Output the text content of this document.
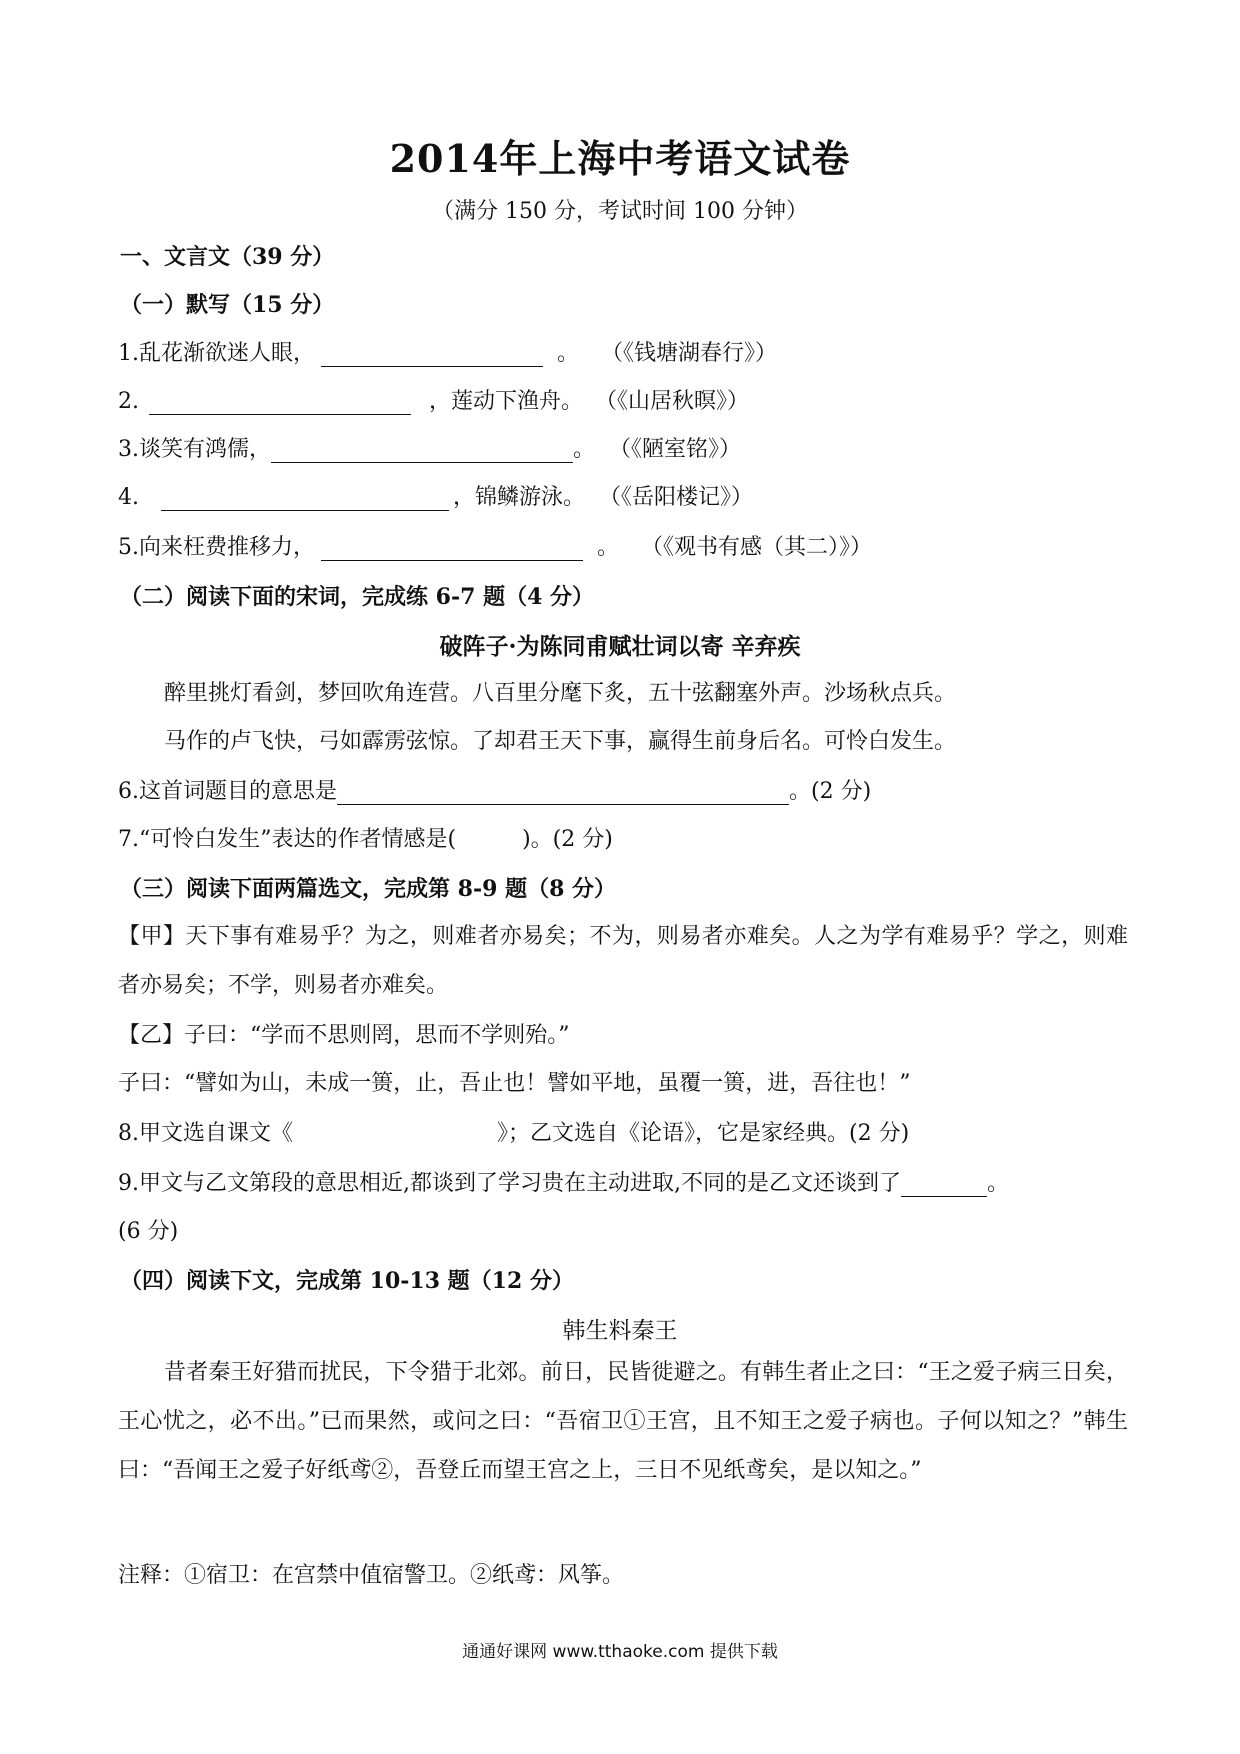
2014年上海中考语文试卷
（满分 150 分，考试时间 100 分钟）
一、文言文（39 分）
（一）默写（15 分）
1.乱花渐欲迷人眼，	。 （《钱塘湖春行》）
2.	，莲动下渔舟。 （《山居秋暝》）
3.谈笑有鸿儒，	。 （《陋室铭》）
4.	，锦鳞游泳。 （《岳阳楼记》）
5.向来枉费推移力，	。 （《观书有感（其二）》）
（二）阅读下面的宋词，完成练 6-7 题（4 分）
破阵子·为陈同甫赋壮词以寄 辛弃疾
醉里挑灯看剑，梦回吹角连营。八百里分麾下炙，五十弦翻塞外声。沙场秋点兵。
马作的卢飞快，弓如霹雳弦惊。了却君王天下事，赢得生前身后名。可怜白发生。
6.这首词题目的意思是	。(2 分)
7.“可怜白发生”表达的作者情感是(　　　)。(2 分)
（三）阅读下面两篇选文，完成第 8-9 题（8 分）
【甲】天下事有难易乎？为之，则难者亦易矣；不为，则易者亦难矣。人之为学有难易乎？学之，则难者亦易矣；不学，则易者亦难矣。
【乙】子曰：“学而不思则罔，思而不学则殆。”
子曰：“譬如为山，未成一篑，止，吾止也！譬如平地，虽覆一篑，进，吾往也！”
8.甲文选自课文《	》；乙文选自《论语》，它是家经典。(2 分)
9.甲文与乙文第段的意思相近,都谈到了学习贵在主动进取,不同的是乙文还谈到了	。
(6 分)
（四）阅读下文，完成第 10-13 题（12 分）
韩生料秦王
昔者秦王好猎而扰民，下令猎于北郊。前日，民皆徙避之。有韩生者止之曰：“王之爱子病三日矣，王心忧之，必不出。”已而果然，或问之曰：“吾宿卫①王宫，且不知王之爱子病也。子何以知之？”韩生曰：“吾闻王之爱子好纸鸢②，吾登丘而望王宫之上，三日不见纸鸢矣，是以知之。”
注释：①宿卫：在宫禁中值宿警卫。②纸鸢：风筝。
通通好课网 www.tthaoke.com 提供下载
